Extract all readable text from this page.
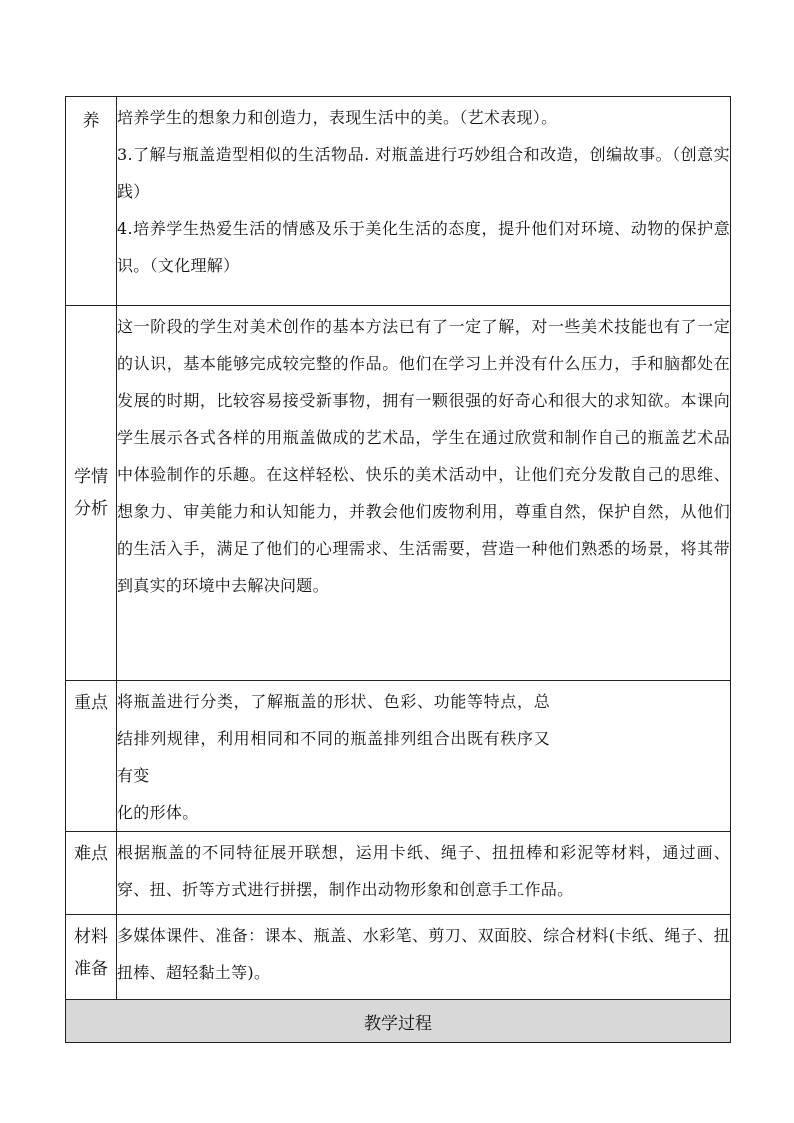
养	培养学生的想象力和创造力，表现生活中的美。（艺术表现）。

3.了解与瓶盖造型相似的生活物品. 对瓶盖进行巧妙组合和改造，创编故事。（创意实践）

4.培养学生热爱生活的情感及乐于美化生活的态度，提升他们对环境、动物的保护意识。（文化理解）

学情
分析	这一阶段的学生对美术创作的基本方法已有了一定了解，对一些美术技能也有了一定的认识，基本能够完成较完整的作品。他们在学习上并没有什么压力，手和脑都处在发展的时期，比较容易接受新事物，拥有一颗很强的好奇心和很大的求知欲。本课向学生展示各式各样的用瓶盖做成的艺术品，学生在通过欣赏和制作自己的瓶盖艺术品中体验制作的乐趣。在这样轻松、快乐的美术活动中，让他们充分发散自己的思维、想象力、审美能力和认知能力，并教会他们废物利用，尊重自然，保护自然，从他们的生活入手，满足了他们的心理需求、生活需要，营造一种他们熟悉的场景，将其带到真实的环境中去解决问题。

重点	将瓶盖进行分类，了解瓶盖的形状、色彩、功能等特点，总结排列规律，利用相同和不同的瓶盖排列组合出既有秩序又有变

化的形体。

难点	根据瓶盖的不同特征展开联想，运用卡纸、绳子、扭扭棒和彩泥等材料，通过画、穿、扭、折等方式进行拼摆，制作出动物形象和创意手工作品。

材料 准备	多媒体课件、准备：课本、瓶盖、水彩笔、剪刀、双面胶、综合材料(卡纸、绳子、扭扭棒、超轻黏土等)。

教学过程	
